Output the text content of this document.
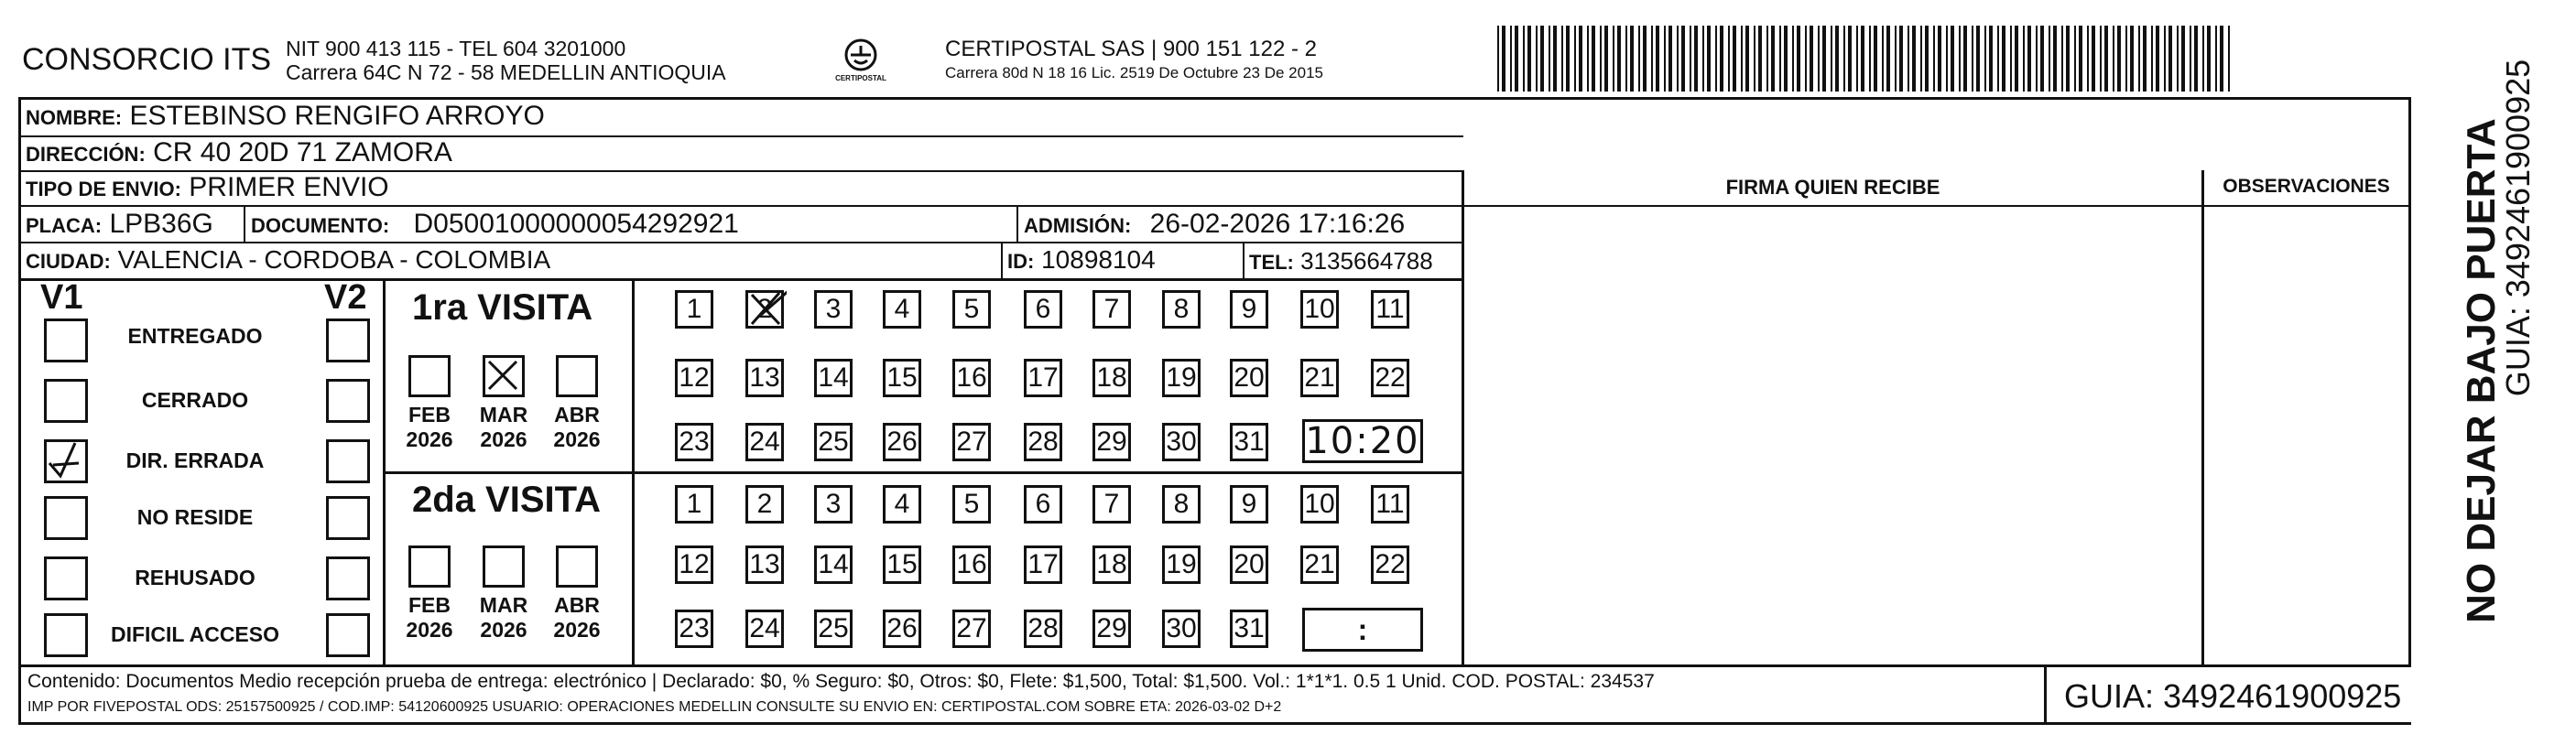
CONSORCIO ITS NIT 900 413 115 - TEL 604 3201000
Carrera 64C N 72 - 58 MEDELLIN ANTIOQUIA	CERTIPOSTAL
CERTIPOSTAL SAS | 900 151 122 - 2
Carrera 80d N 18 16 Lic. 2519 De Octubre 23 De 2015
NOMBRE: ESTEBINSO RENGIFO ARROYO
DIRECCIÓN: CR 40 20D 71 ZAMORA
TIPO DE ENVIO: PRIMER ENVIO	FIRMA QUIEN RECIBE	OBSERVACIONES
PLACA: LPB36G DOCUMENTO: D05001000000054292921	ADMISIÓN: 26-02-2026 17:16:26
CIUDAD: VALENCIA - CORDOBA - COLOMBIA	ID: 10898104	TEL: 3135664788
V1	V2
ENTREGADO
CERRADO
DIR. ERRADA
NO RESIDE
REHUSADO
DIFICIL ACCESO
1ra VISITA
FEB
2026
MAR
2026
ABR
2026
1 2 3 4 5 6 7 8 9 10 11
12 13 14 15 16 17 18 19 20 21 22
23 24 25 26 27 28 29 30 31 10:20
2da VISITA
FEB
2026
MAR
2026
ABR
2026
1 2 3 4 5 6 7 8 9 10 11
12 13 14 15 16 17 18 19 20 21 22
23 24 25 26 27 28 29 30 31	:
Contenido: Documentos Medio recepción prueba de entrega: electrónico | Declarado: $0, % Seguro: $0, Otros: $0, Flete: $1,500, Total: $1,500. Vol.: 1*1*1. 0.5 1 Unid. COD. POSTAL: 234537
IMP POR FIVEPOSTAL ODS: 25157500925 / COD.IMP: 54120600925 USUARIO: OPERACIONES MEDELLIN CONSULTE SU ENVIO EN: CERTIPOSTAL.COM SOBRE ETA: 2026-03-02 D+2	GUIA: 3492461900925
NO DEJAR BAJO PUERTA
GUIA: 3492461900925
